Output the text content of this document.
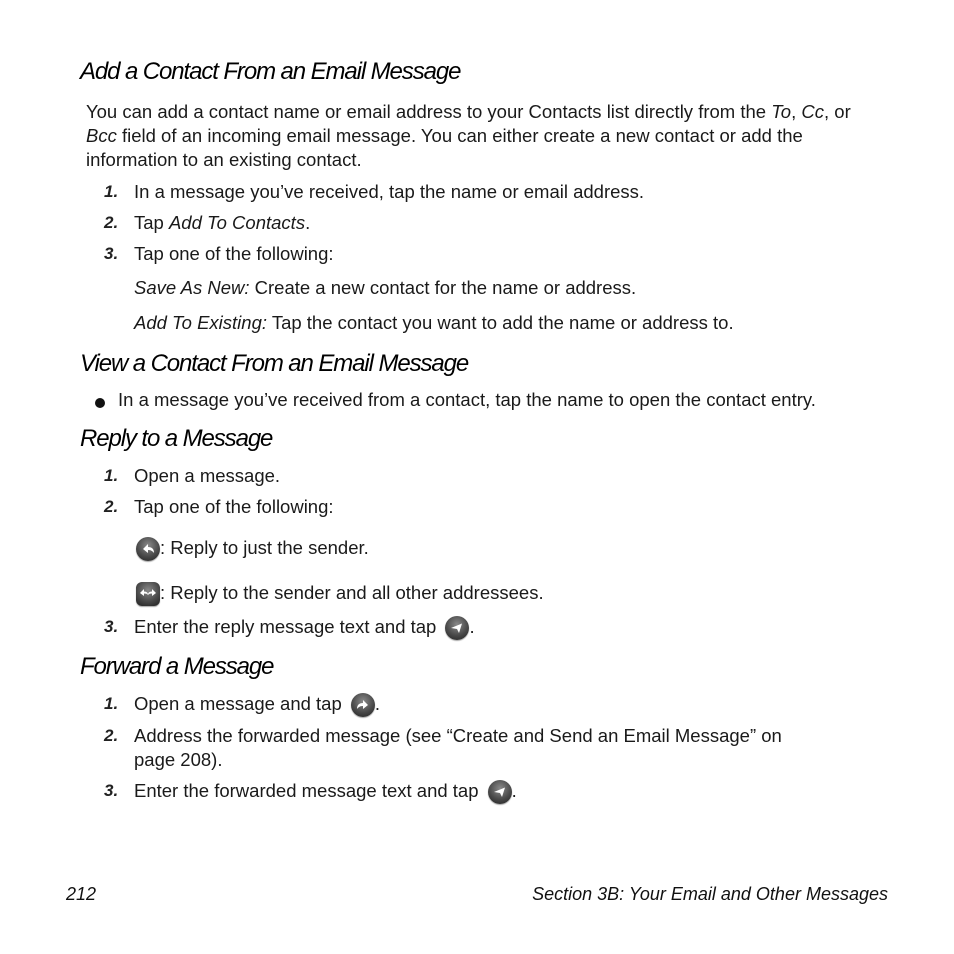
Add a Contact From an Email Message
You can add a contact name or email address to your Contacts list directly from the To, Cc, or
Bcc field of an incoming email message. You can either create a new contact or add the
information to an existing contact.
1. In a message you’ve received, tap the name or email address.
2. Tap Add To Contacts.
3. Tap one of the following:
Save As New: Create a new contact for the name or address.
Add To Existing: Tap the contact you want to add the name or address to.
View a Contact From an Email Message
In a message you’ve received from a contact, tap the name to open the contact entry.
Reply to a Message
1. Open a message.
2. Tap one of the following:
: Reply to just the sender.
: Reply to the sender and all other addressees.
3. Enter the reply message text and tap .
Forward a Message
1. Open a message and tap .
2. Address the forwarded message (see “Create and Send an Email Message” on
page 208).
3. Enter the forwarded message text and tap .
212	Section 3B: Your Email and Other Messages
